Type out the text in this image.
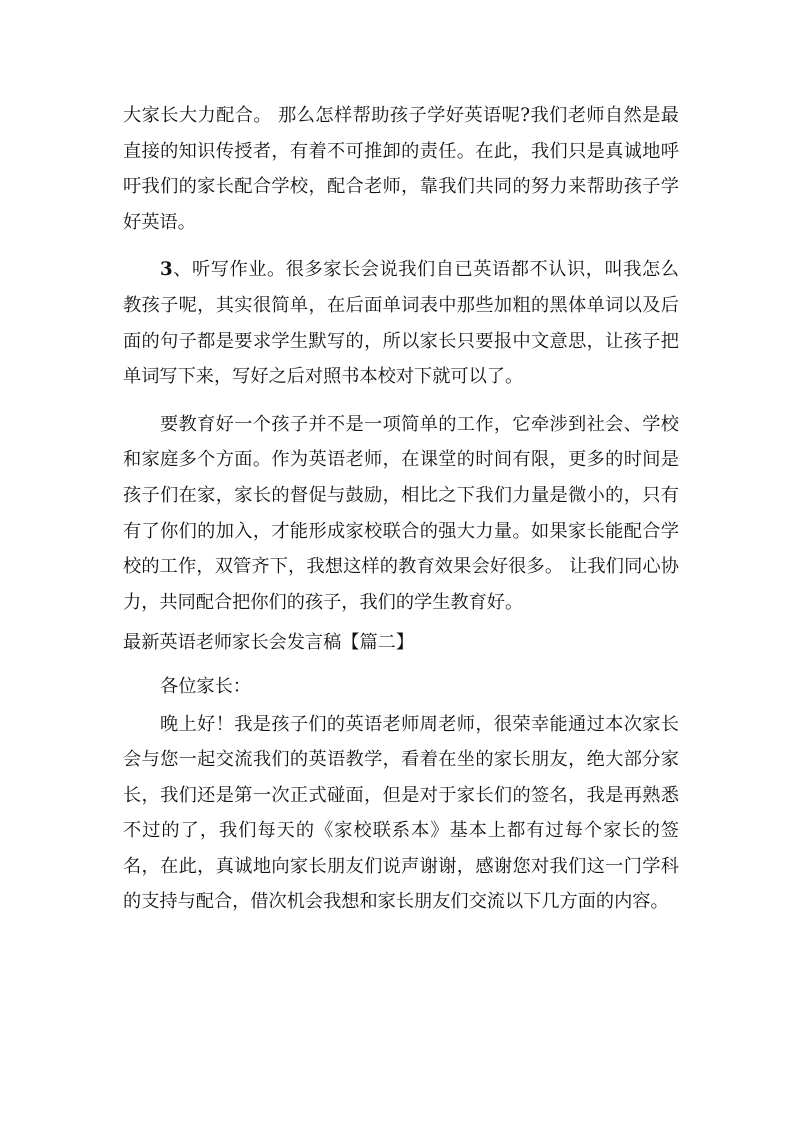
大家长大力配合。 那么怎样帮助孩子学好英语呢?我们老师自然是最直接的知识传授者，有着不可推卸的责任。在此，我们只是真诚地呼吁我们的家长配合学校，配合老师，靠我们共同的努力来帮助孩子学好英语。

3、听写作业。很多家长会说我们自已英语都不认识，叫我怎么教孩子呢，其实很简单，在后面单词表中那些加粗的黑体单词以及后面的句子都是要求学生默写的，所以家长只要报中文意思，让孩子把单词写下来，写好之后对照书本校对下就可以了。

要教育好一个孩子并不是一项简单的工作，它牵涉到社会、学校和家庭多个方面。作为英语老师，在课堂的时间有限，更多的时间是孩子们在家，家长的督促与鼓励，相比之下我们力量是微小的，只有有了你们的加入，才能形成家校联合的强大力量。如果家长能配合学校的工作，双管齐下，我想这样的教育效果会好很多。 让我们同心协力，共同配合把你们的孩子，我们的学生教育好。

最新英语老师家长会发言稿【篇二】

各位家长：

晚上好！我是孩子们的英语老师周老师，很荣幸能通过本次家长会与您一起交流我们的英语教学，看着在坐的家长朋友，绝大部分家长，我们还是第一次正式碰面，但是对于家长们的签名，我是再熟悉不过的了，我们每天的《家校联系本》基本上都有过每个家长的签名，在此，真诚地向家长朋友们说声谢谢，感谢您对我们这一门学科的支持与配合，借次机会我想和家长朋友们交流以下几方面的内容。
